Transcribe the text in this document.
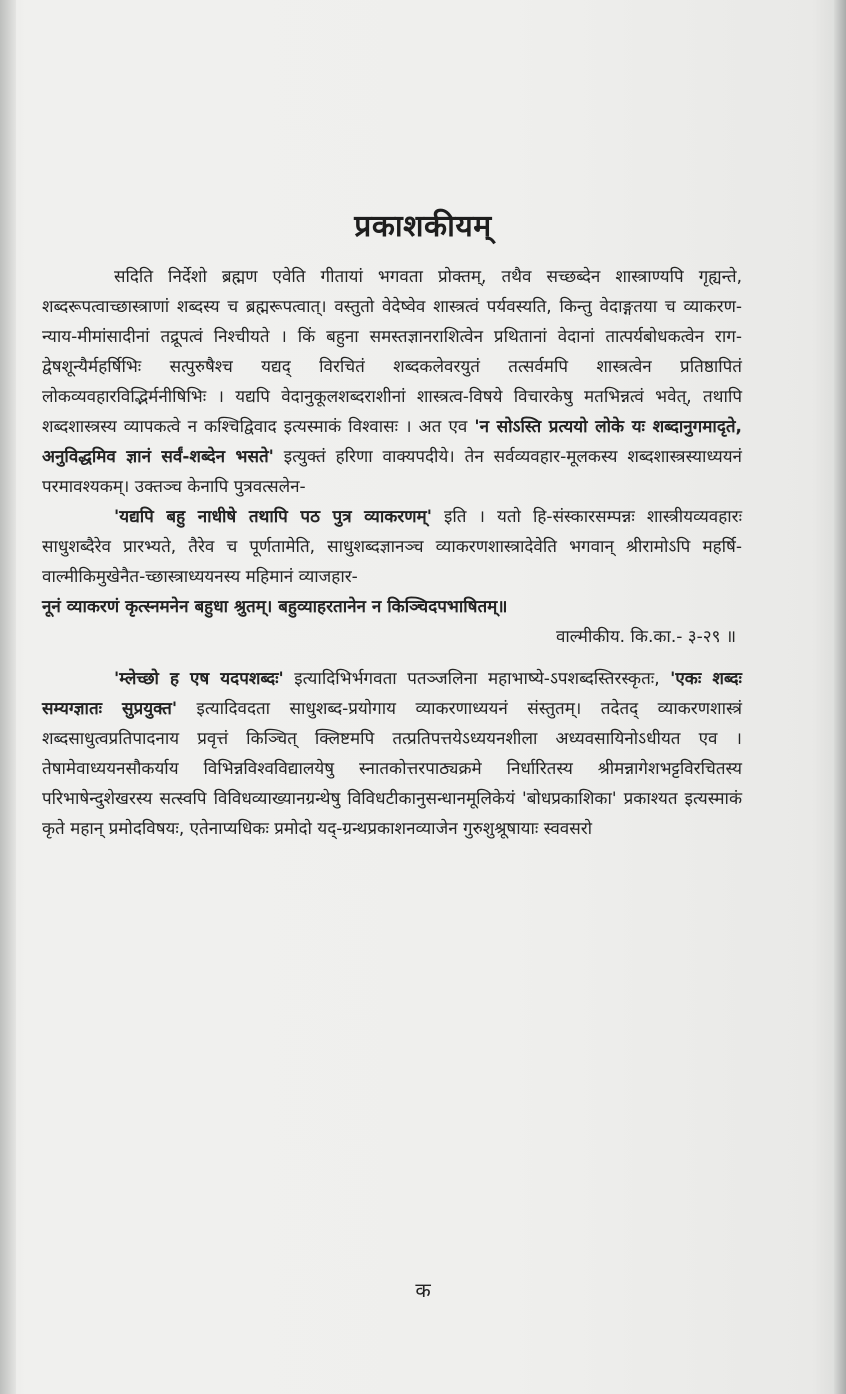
प्रकाशकीयम्

सदिति निर्देशो ब्रह्मण एवेति गीतायां भगवता प्रोक्तम्, तथैव सच्छब्देन शास्त्राण्यपि गृह्यन्ते, शब्दरूपत्वाच्छास्त्राणां शब्दस्य च ब्रह्मरूपत्वात्। वस्तुतो वेदेष्वेव शास्त्रत्वं पर्यवस्यति, किन्तु वेदाङ्गतया च व्याकरण-न्याय-मीमांसादीनां तद्रूपत्वं निश्चीयते । किं बहुना समस्तज्ञानराशित्वेन प्रथितानां वेदानां तात्पर्यबोधकत्वेन राग-द्वेषशून्यैर्महर्षिभिः सत्पुरुषैश्च यद्यद् विरचितं शब्दकलेवरयुतं तत्सर्वमपि शास्त्रत्वेन प्रतिष्ठापितं लोकव्यवहारविद्भिर्मनीषिभिः । यद्यपि वेदानुकूलशब्दराशीनां शास्त्रत्व-विषये विचारकेषु मतभिन्नत्वं भवेत्, तथापि शब्दशास्त्रस्य व्यापकत्वे न कश्चिद्विवाद इत्यस्माकं विश्वासः । अत एव 'न सोऽस्ति प्रत्ययो लोके यः शब्दानुगमादृते, अनुविद्धमिव ज्ञानं सर्वं-शब्देन भसते' इत्युक्तं हरिणा वाक्यपदीये। तेन सर्वव्यवहार-मूलकस्य शब्दशास्त्रस्याध्ययनं परमावश्यकम्। उक्तञ्च केनापि पुत्रवत्सलेन-

'यद्यपि बहु नाधीषे तथापि पठ पुत्र व्याकरणम्' इति । यतो हि-संस्कारसम्पन्नः शास्त्रीयव्यवहारः साधुशब्दैरेव प्रारभ्यते, तैरेव च पूर्णतामेति, साधुशब्दज्ञानञ्च व्याकरणशास्त्रादेवेति भगवान् श्रीरामोऽपि महर्षि-वाल्मीकिमुखेनैत-च्छास्त्राध्ययनस्य महिमानं व्याजहार-

नूनं व्याकरणं कृत्स्नमनेन बहुधा श्रुतम्। बहुव्याहरतानेन न किञ्चिदपभाषितम्॥

वाल्मीकीय. कि.का.- ३-२९ ॥

'म्लेच्छो ह एष यदपशब्दः' इत्यादिभिर्भगवता पतञ्जलिना महाभाष्ये-ऽपशब्दस्तिरस्कृतः, 'एकः शब्दः सम्यग्ज्ञातः सुप्रयुक्त' इत्यादिवदता साधुशब्द-प्रयोगाय व्याकरणाध्ययनं संस्तुतम्। तदेतद् व्याकरणशास्त्रं शब्दसाधुत्वप्रतिपादनाय प्रवृत्तं किञ्चित् क्लिष्टमपि तत्प्रतिपत्तयेऽध्ययनशीला अध्यवसायिनोऽधीयत एव । तेषामेवाध्ययनसौकर्याय विभिन्नविश्वविद्यालयेषु स्नातकोत्तरपाठ्यक्रमे निर्धारितस्य श्रीमन्नागेशभट्टविरचितस्य परिभाषेन्दुशेखरस्य सत्स्वपि विविधव्याख्यानग्रन्थेषु विविधटीकानुसन्धानमूलिकेयं 'बोधप्रकाशिका' प्रकाश्यत इत्यस्माकं कृते महान् प्रमोदविषयः, एतेनाप्यधिकः प्रमोदो यद्-ग्रन्थप्रकाशनव्याजेन गुरुशुश्रूषायाः स्ववसरो

क
